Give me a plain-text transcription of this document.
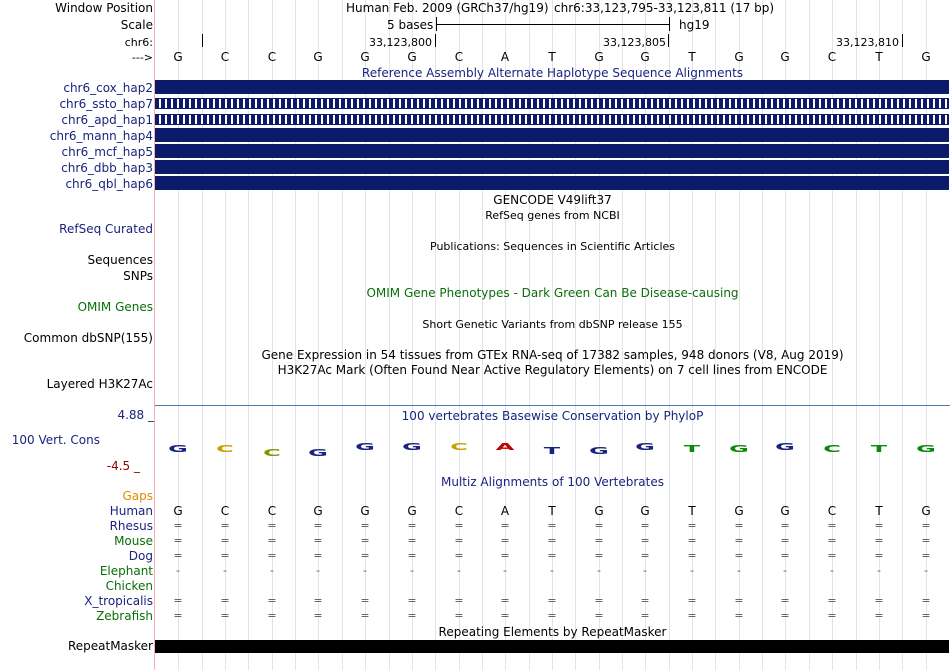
Window Position
Scale
chr6:
--->
Human Feb. 2009 (GRCh37/hg19) chr6:33,123,795-33,123,811 (17 bp)
5 bases	hg19
33,123,800	33,123,805	33,123,810
G	C	C	G	G	G	C	A	T	G	G	T	G	G	C	T	G
Reference Assembly Alternate Haplotype Sequence Alignments
chr6_cox_hap2
chr6_ssto_hap7
chr6_apd_hap1
chr6_mann_hap4
chr6_mcf_hap5
chr6_dbb_hap3
chr6_qbl_hap6
GENCODE V49lift37
RefSeq genes from NCBI
RefSeq Curated
Publications: Sequences in Scientific Articles
Sequences
SNPs
OMIM Gene Phenotypes - Dark Green Can Be Disease-causing
OMIM Genes
Short Genetic Variants from dbSNP release 155
Common dbSNP(155)
Gene Expression in 54 tissues from GTEx RNA-seq of 17382 samples, 948 donors (V8, Aug 2019)
H3K27Ac Mark (Often Found Near Active Regulatory Elements) on 7 cell lines from ENCODE
Layered H3K27Ac
4.88 _	100 vertebrates Basewise Conservation by PhyloP
100 Vert. Cons
-4.5 _
G	C	C	G
G	G	C	A	T	G	G	T	G	G	C	T	G
Multiz Alignments of 100 Vertebrates
Gaps
Human	G	C	C	G	G	G	C	A	T	G	G	T	G	G	C	T	G
Rhesus	=	=	=	=	=	=	=	=	=	=	=	=	=	=	=	=	=
Mouse	=	=	=	=	=	=	=	=	=	=	=	=	=	=	=	=	=
Dog	=	=	=	=	=	=	=	=	=	=	=	=	=	=	=	=	=
Elephant	-	-	-	-	-	-	-	-	-	-	-	-	-	-	-	-	-
Chicken
X_tropicalis	=	=	=	=	=	=	=	=	=	=	=	=	=	=	=	=	=
Zebrafish	=	=	=	=	=	=	=	=	=	=	=	=	=	=	=	=	=
Repeating Elements by RepeatMasker
RepeatMasker
